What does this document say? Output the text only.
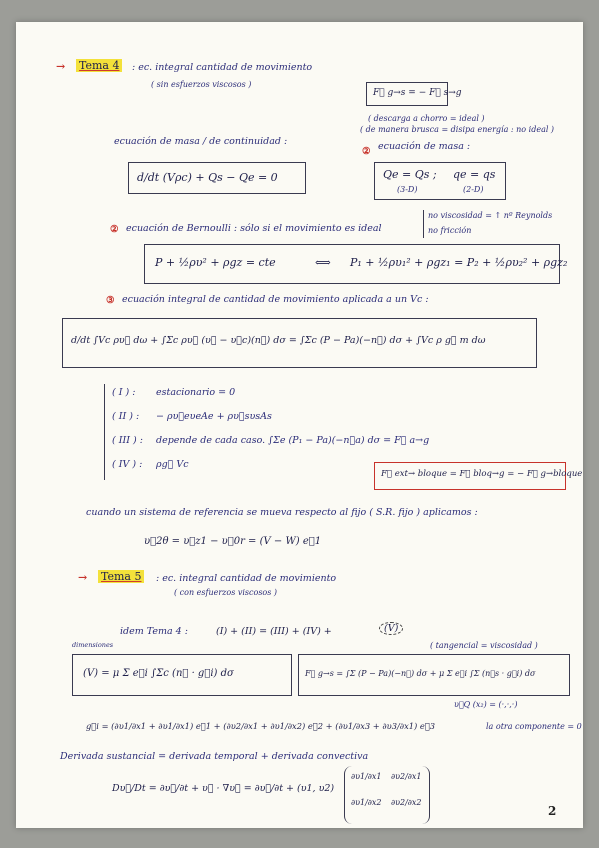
→ Tema 4	: ec. integral cantidad de movimiento
( sin esfuerzos viscosos )
F⃗ g→s = − F⃗ s→g
( descarga a chorro = ideal )
( de manera brusca = disipa energía : no ideal )
ecuación de masa / de continuidad :
d/dt (Vρc) + Qs − Qe = 0
② ecuación de masa :
Qe = Qs ; qe = qs
(3-D)	(2-D)
② ecuación de Bernoulli : sólo si el movimiento es ideal
no viscosidad = ↑ nº Reynolds
no fricción
P + ½ρυ² + ρgz = cte	⟺ P₁ + ½ρυ₁² + ρgz₁ = P₂ + ½ρυ₂² + ρgz₂
③ ecuación integral de cantidad de movimiento aplicada a un Vc :
d/dt ∫Vc ρυ⃗ dω + ∫Σc ρυ⃗ (υ⃗ − υ⃗c)(n⃗) dσ = ∫Σc (P − Pa)(−n⃗) dσ + ∫Vc ρ g⃗ m dω
( I ) : estacionario = 0
( II ) : − ρυ⃗eυeAe + ρυ⃗sυsAs
( III ) : depende de cada caso. ∫Σe (P₁ − Pa)(−n⃗a) dσ = F⃗ a→g
( IV ) : ρg⃗ Vc
F⃗ ext→ bloque = F⃗ bloq→g = − F⃗ g→bloque
cuando un sistema de referencia se mueva respecto al fijo ( S.R. fijo ) aplicamos :
υ⃗2θ = υ⃗z1 − υ⃗0r = (V − W) e⃗1
→ Tema 5	: ec. integral cantidad de movimiento
( con esfuerzos viscosos )
dimensiones
idem Tema 4 :	(I) + (II) = (III) + (IV) +	(V)
( tangencial = viscosidad )
(V) = μ Σ e⃗i ∫Σc (n⃗ · g⃗i) dσ	F⃗ g→s = ∫Σ (P − Pa)(−n⃗) dσ + μ Σ e⃗i ∫Σ (n⃗s · g⃗i) dσ
υ⃗Q (x₂) = (·,·,·)
la otra componente = 0
g⃗i = (∂υ1/∂x1 + ∂υ1/∂x1) e⃗1 + (∂υ2/∂x1 + ∂υ1/∂x2) e⃗2 + (∂υ1/∂x3 + ∂υ3/∂x1) e⃗3
Derivada sustancial = derivada temporal + derivada convectiva
Dυ⃗/Dt = ∂υ⃗/∂t + υ⃗ · ∇υ⃗ = ∂υ⃗/∂t + (υ1, υ2)
∂υ1/∂x1 ∂υ2/∂x1
∂υ1/∂x2 ∂υ2/∂x2
2
